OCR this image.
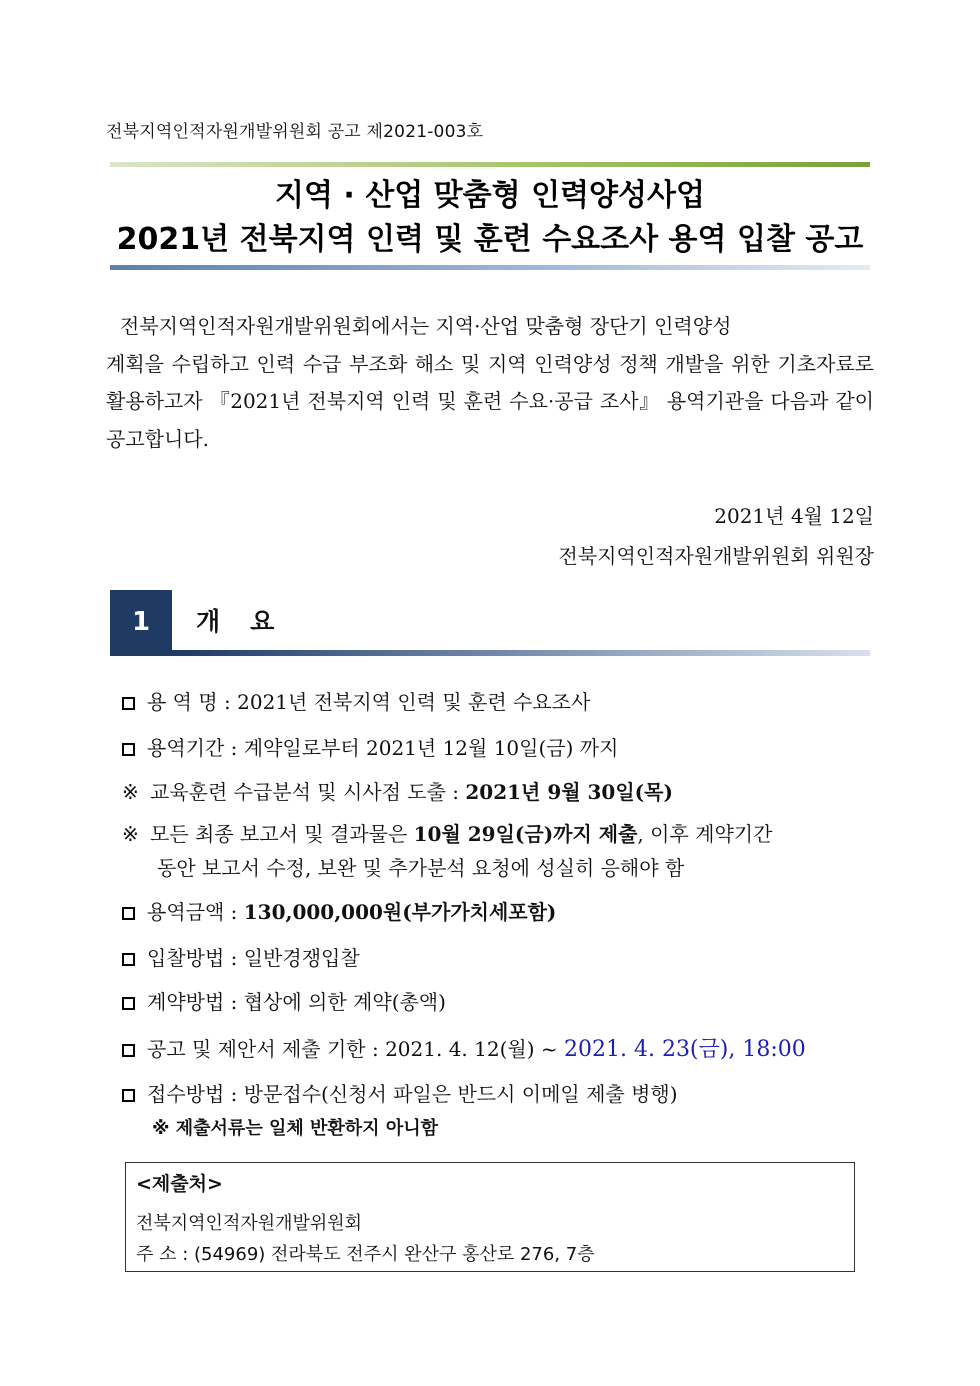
전북지역인적자원개발위원회 공고 제2021-003호
지역 · 산업 맞춤형 인력양성사업
2021년 전북지역 인력 및 훈련 수요조사 용역 입찰 공고
전북지역인적자원개발위원회에서는 지역·산업 맞춤형 장단기 인력양성
계획을 수립하고 인력 수급 부조화 해소 및 지역 인력양성 정책 개발을 위한 기초자료로 활용하고자 『2021년 전북지역 인력 및 훈련 수요·공급 조사』 용역기관을 다음과 같이 공고합니다.
2021년 4월 12일
전북지역인적자원개발위원회 위원장
1	개요
용 역 명 : 2021년 전북지역 인력 및 훈련 수요조사
용역기간 : 계약일로부터 2021년 12월 10일(금) 까지
※ 교육훈련 수급분석 및 시사점 도출 : 2021년 9월 30일(목)
※ 모든 최종 보고서 및 결과물은 10월 29일(금)까지 제출, 이후 계약기간
동안 보고서 수정, 보완 및 추가분석 요청에 성실히 응해야 함
용역금액 : 130,000,000원(부가가치세포함)
입찰방법 : 일반경쟁입찰
계약방법 : 협상에 의한 계약(총액)
공고 및 제안서 제출 기한 : 2021. 4. 12(월) ~ 2021. 4. 23(금), 18:00
접수방법 : 방문접수(신청서 파일은 반드시 이메일 제출 병행)
※ 제출서류는 일체 반환하지 아니함
<제출처>
전북지역인적자원개발위원회
주 소 : (54969) 전라북도 전주시 완산구 홍산로 276, 7층
